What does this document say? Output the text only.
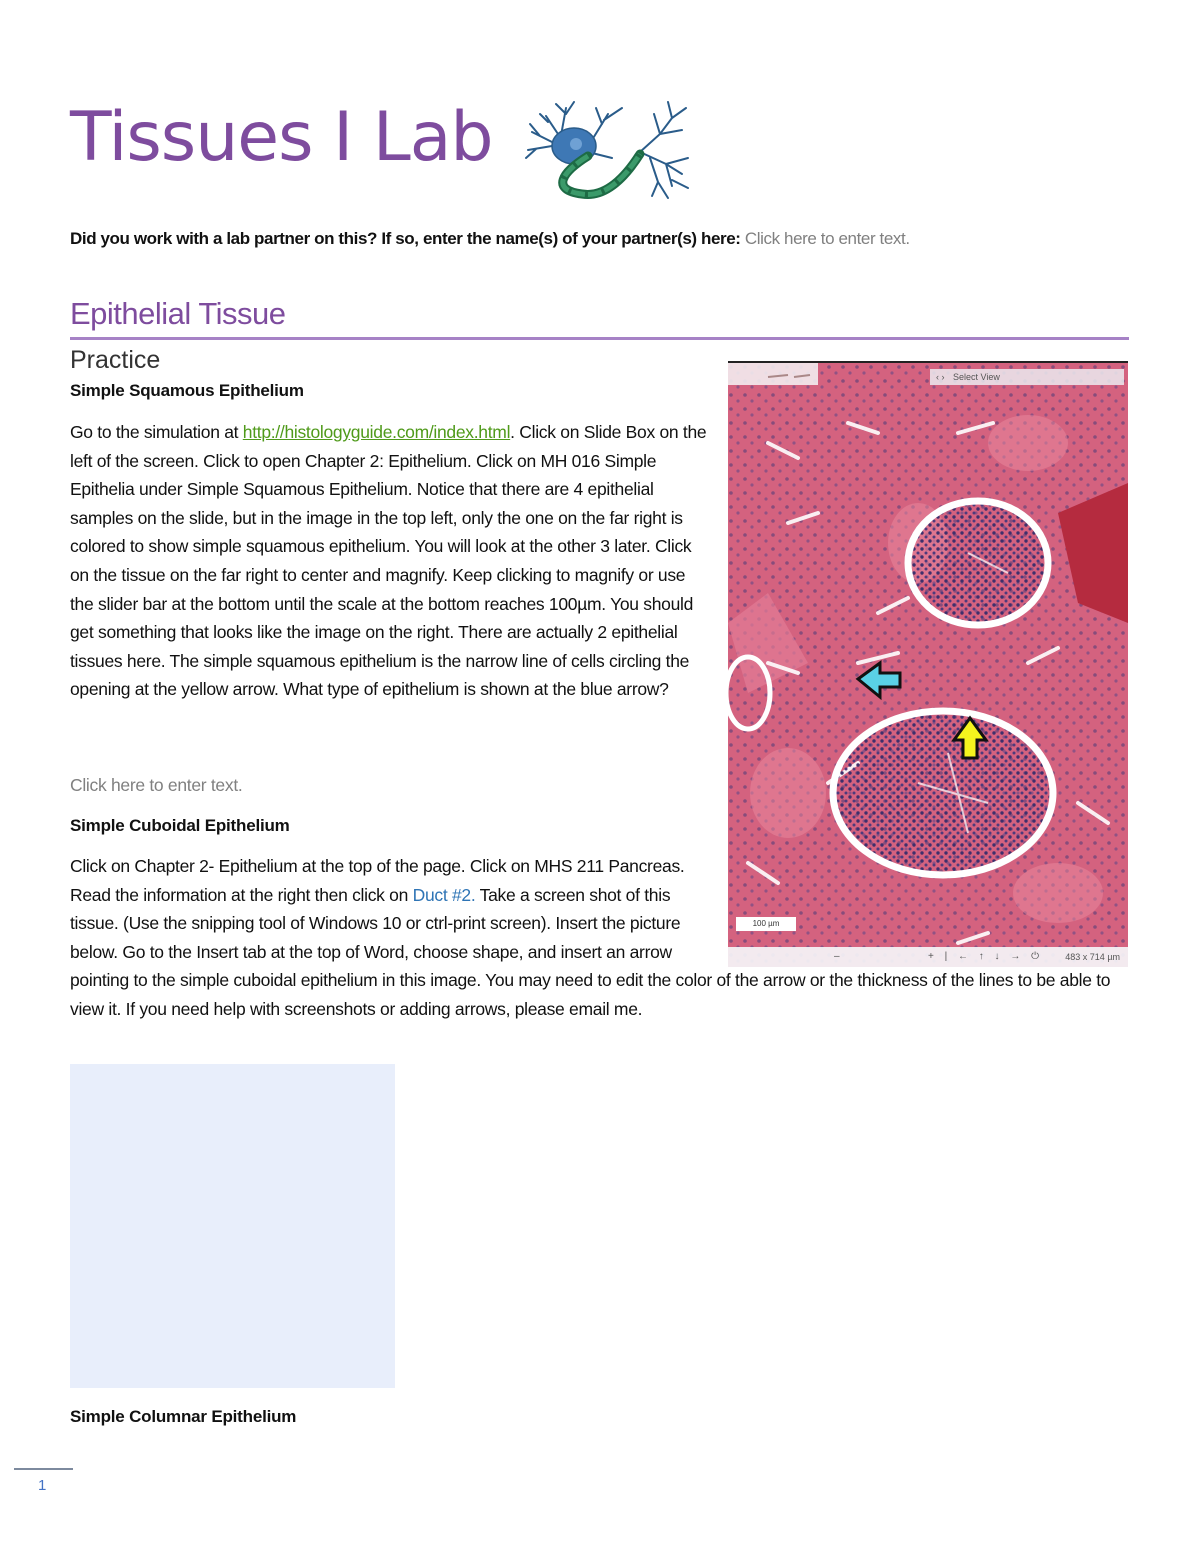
Tissues I Lab
Did you work with a lab partner on this? If so, enter the name(s) of your partner(s) here: Click here to enter text.
Epithelial Tissue
Practice
Simple Squamous Epithelium

Go to the simulation at http://histologyguide.com/index.html. Click on Slide Box on the left of the screen. Click to open Chapter 2: Epithelium. Click on MH 016 Simple Epithelia under Simple Squamous Epithelium. Notice that there are 4 epithelial samples on the slide, but in the image in the top left, only the one on the far right is colored to show simple squamous epithelium. You will look at the other 3 later. Click on the tissue on the far right to center and magnify. Keep clicking to magnify or use the slider bar at the bottom until the scale at the bottom reaches 100µm. You should get something that looks like the image on the right. There are actually 2 epithelial tissues here. The simple squamous epithelium is the narrow line of cells circling the opening at the yellow arrow. What type of epithelium is shown at the blue arrow?

Click here to enter text.
Simple Cuboidal Epithelium

Click on Chapter 2- Epithelium at the top of the page. Click on MHS 211 Pancreas. Read the information at the right then click on Duct #2. Take a screen shot of this tissue. (Use the snipping tool of Windows 10 or ctrl-print screen). Insert the picture below. Go to the Insert tab at the top of Word, choose shape, and insert an arrow pointing to the simple cuboidal epithelium in this image. You may need to edit the color of the arrow or the thickness of the lines to be able to view it. If you need help with screenshots or adding arrows, please email me.

‹ › Select View
100 µm
–	+ | ← ↑ ↓ → ⏻ 483 x 714 µm
Simple Columnar Epithelium
1
